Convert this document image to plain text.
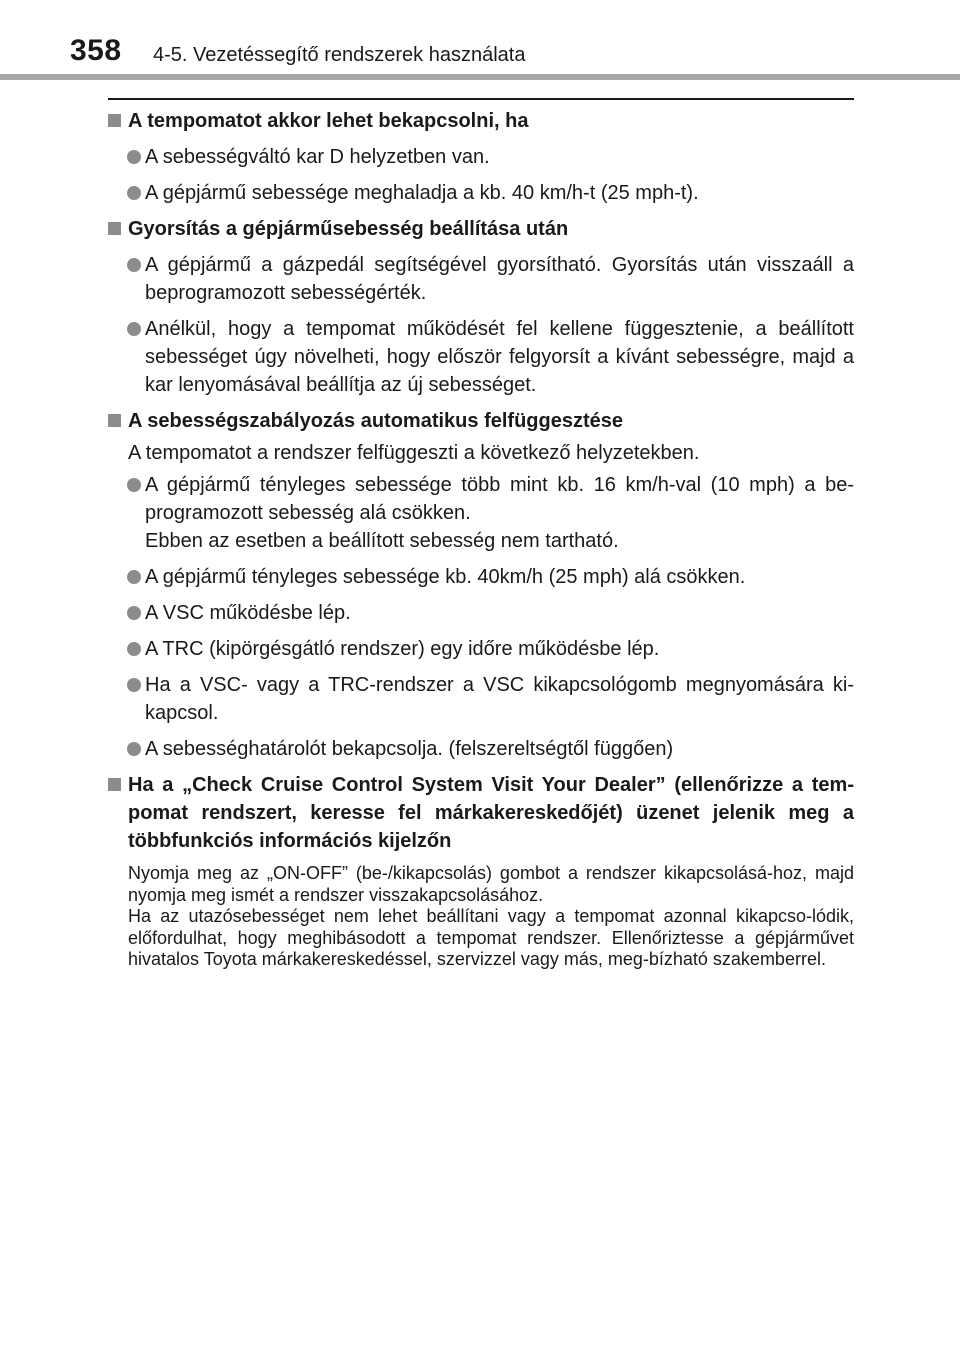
358 4-5. Vezetéssegítő rendszerek használata
A tempomatot akkor lehet bekapcsolni, ha
A sebességváltó kar D helyzetben van.
A gépjármű sebessége meghaladja a kb. 40 km/h-t (25 mph-t).
Gyorsítás a gépjárműsebesség beállítása után
A gépjármű a gázpedál segítségével gyorsítható. Gyorsítás után visszaáll a beprogramozott sebességérték.
Anélkül, hogy a tempomat működését fel kellene függesztenie, a beállított sebességet úgy növelheti, hogy először felgyorsít a kívánt sebességre, majd a kar lenyomásával beállítja az új sebességet.
A sebességszabályozás automatikus felfüggesztése
A tempomatot a rendszer felfüggeszti a következő helyzetekben.
A gépjármű tényleges sebessége több mint kb. 16 km/h-val (10 mph) a be-programozott sebesség alá csökken.
Ebben az esetben a beállított sebesség nem tartható.
A gépjármű tényleges sebessége kb. 40km/h (25 mph) alá csökken.
A VSC működésbe lép.
A TRC (kipörgésgátló rendszer) egy időre működésbe lép.
Ha a VSC- vagy a TRC-rendszer a VSC kikapcsológomb megnyomására ki-kapcsol.
A sebességhatárolót bekapcsolja. (felszereltségtől függően)
Ha a „Check Cruise Control System Visit Your Dealer” (ellenőrizze a tem-pomat rendszert, keresse fel márkakereskedőjét) üzenet jelenik meg a többfunkciós információs kijelzőn

Nyomja meg az „ON-OFF” (be-/kikapcsolás) gombot a rendszer kikapcsolásá-hoz, majd nyomja meg ismét a rendszer visszakapcsolásához.

Ha az utazósebességet nem lehet beállítani vagy a tempomat azonnal kikapcso-lódik, előfordulhat, hogy meghibásodott a tempomat rendszer. Ellenőriztesse a gépjárművet hivatalos Toyota márkakereskedéssel, szervizzel vagy más, meg-bízható szakemberrel.
